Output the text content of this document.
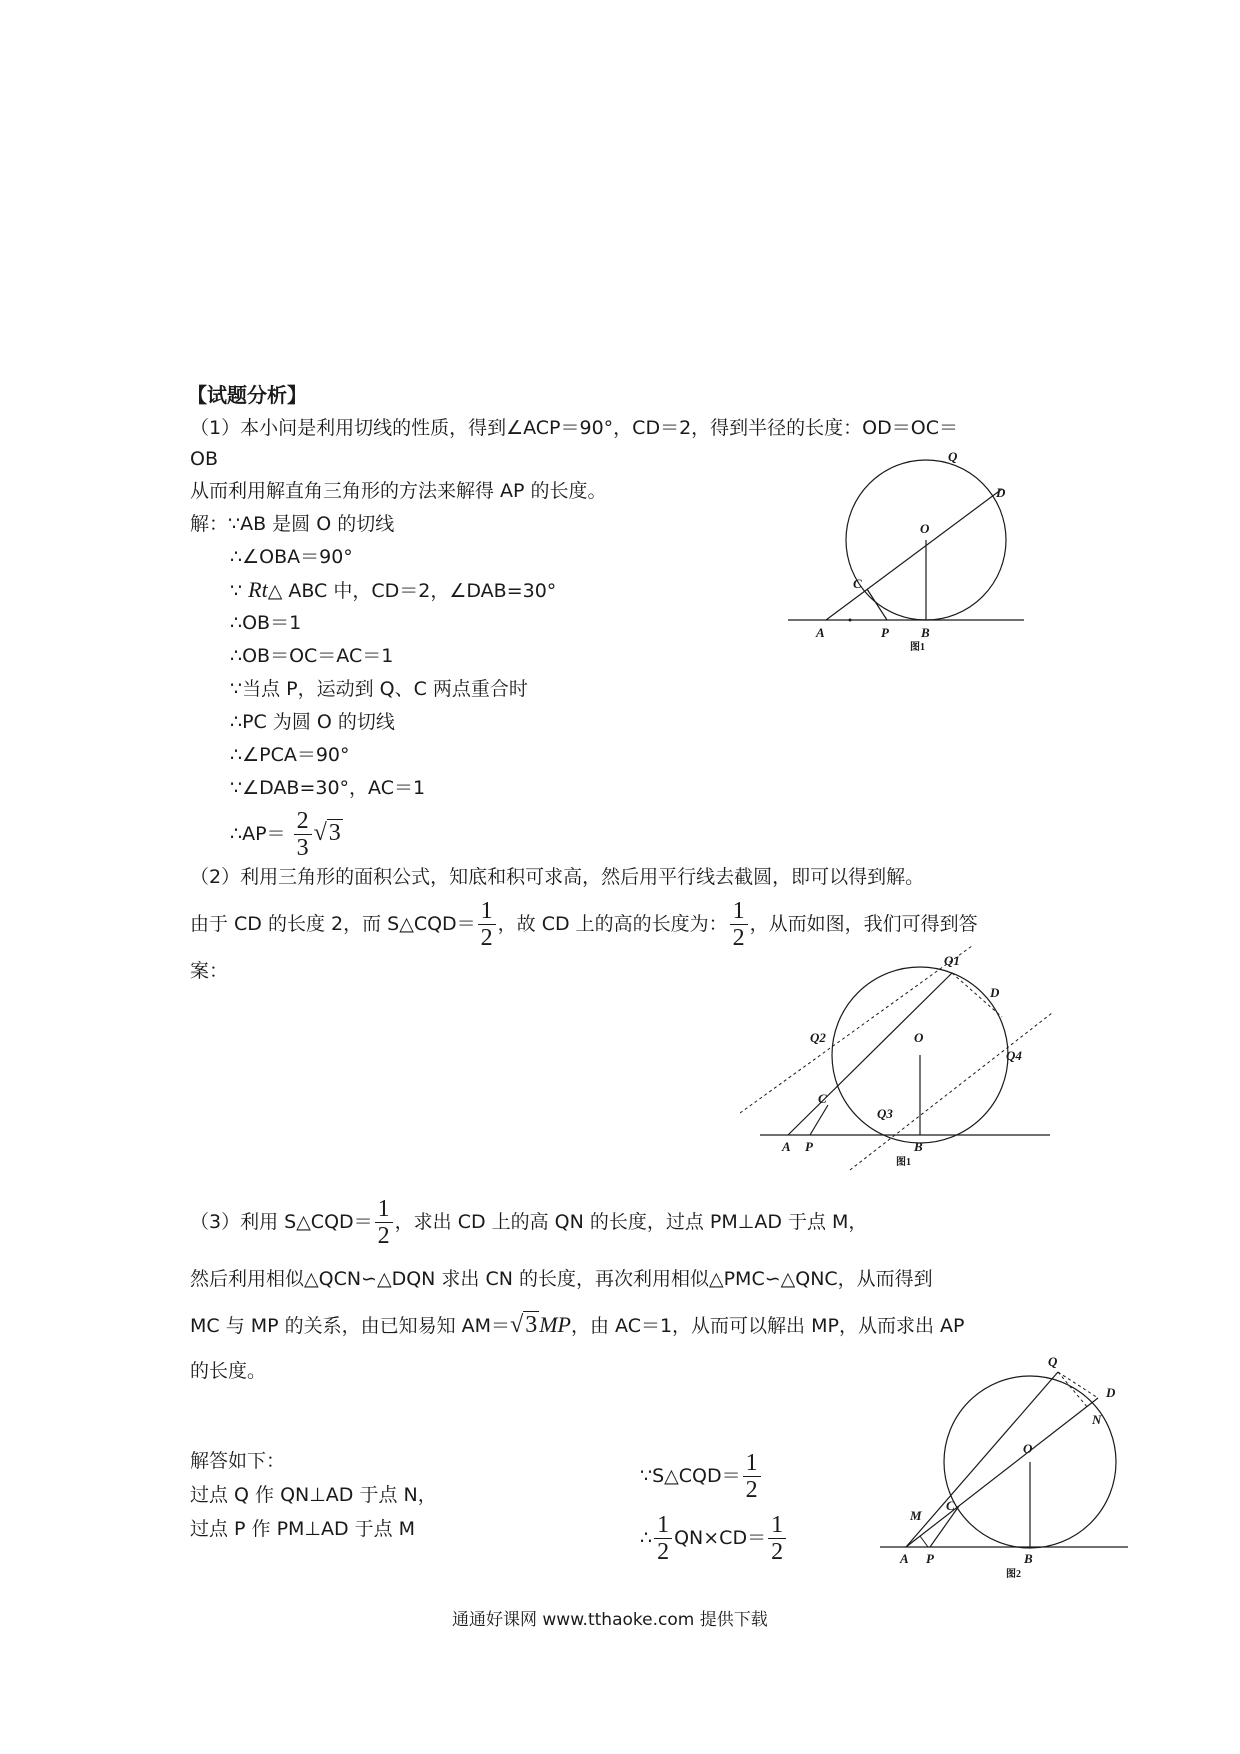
【试题分析】
（1）本小问是利用切线的性质，得到∠ACP＝90°，CD＝2，得到半径的长度：OD＝OC＝
OB
从而利用解直角三角形的方法来解得 AP 的长度。
解：∵AB 是圆 O 的切线
∴∠OBA＝90°
∵ Rt△ ABC 中，CD＝2，∠DAB=30°
∴OB＝1
∴OB＝OC＝AC＝1
∵当点 P，运动到 Q、C 两点重合时
∴PC 为圆 O 的切线
∴∠PCA＝90°
∵∠DAB=30°，AC＝1
∴AP＝ $\frac{2}{3} √3$
Q
D
O
C
A	P B
图1
（2）利用三角形的面积公式，知底和积可求高，然后用平行线去截圆，即可以得到解。
由于 CD 的长度 2，而 S△CQD＝ $\frac{1}{2}$ ，故 CD 上的高的长度为： $\frac{1}{2}$ ，从而如图，我们可得到答
案：	Q1
D
O
Q2
Q4
C
Q3
A P	B
图1
（3）利用 S△CQD＝ $\frac{1}{2}$ ，求出 CD 上的高 QN 的长度，过点 PM⊥AD 于点 M，
然后利用相似△QCN∽△DQN 求出 CN 的长度，再次利用相似△PMC∽△QNC，从而得到
MC 与 MP 的关系，由已知易知 AM＝√3MP，由 AC＝1，从而可以解出 MP，从而求出 AP
的长度。
解答如下：
过点 Q 作 QN⊥AD 于点 N，
过点 P 作 PM⊥AD 于点 M
∵S△CQD＝ $\frac{1}{2}$
∴ $\frac{1}{2} QN\times CD= \frac{1}{2}$
Q
D
N
O
M
C
A P	B
图2
通通好课网 www.tthaoke.com 提供下载
